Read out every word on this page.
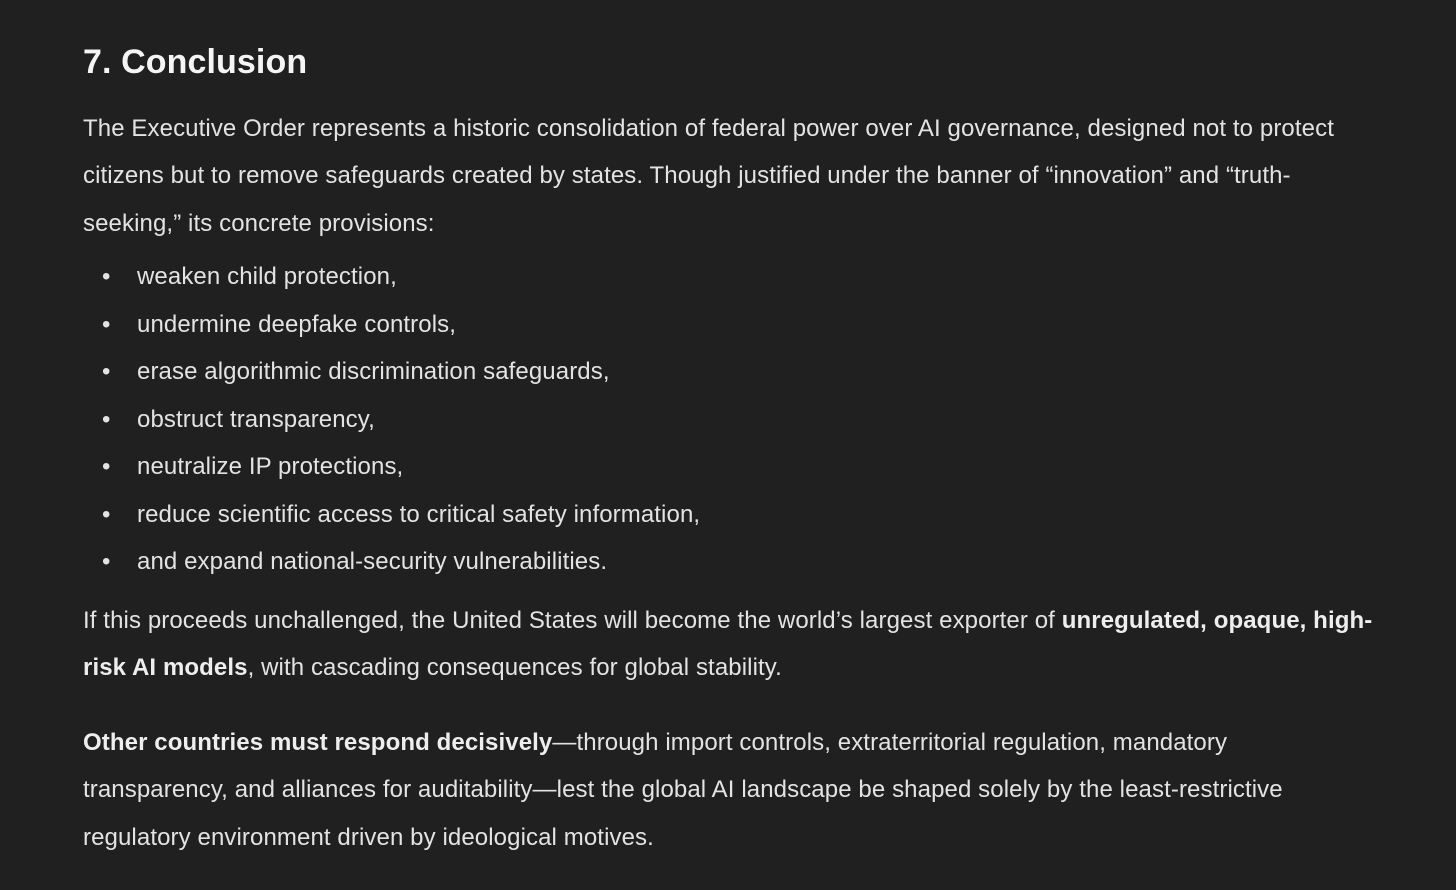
7. Conclusion

The Executive Order represents a historic consolidation of federal power over AI governance, designed not to protect citizens but to remove safeguards created by states. Though justified under the banner of “innovation” and “truth-seeking,” its concrete provisions:

• weaken child protection,
• undermine deepfake controls,
• erase algorithmic discrimination safeguards,
• obstruct transparency,
• neutralize IP protections,
• reduce scientific access to critical safety information,
• and expand national-security vulnerabilities.

If this proceeds unchallenged, the United States will become the world’s largest exporter of unregulated, opaque, high-risk AI models, with cascading consequences for global stability.

Other countries must respond decisively—through import controls, extraterritorial regulation, mandatory transparency, and alliances for auditability—lest the global AI landscape be shaped solely by the least-restrictive regulatory environment driven by ideological motives.
